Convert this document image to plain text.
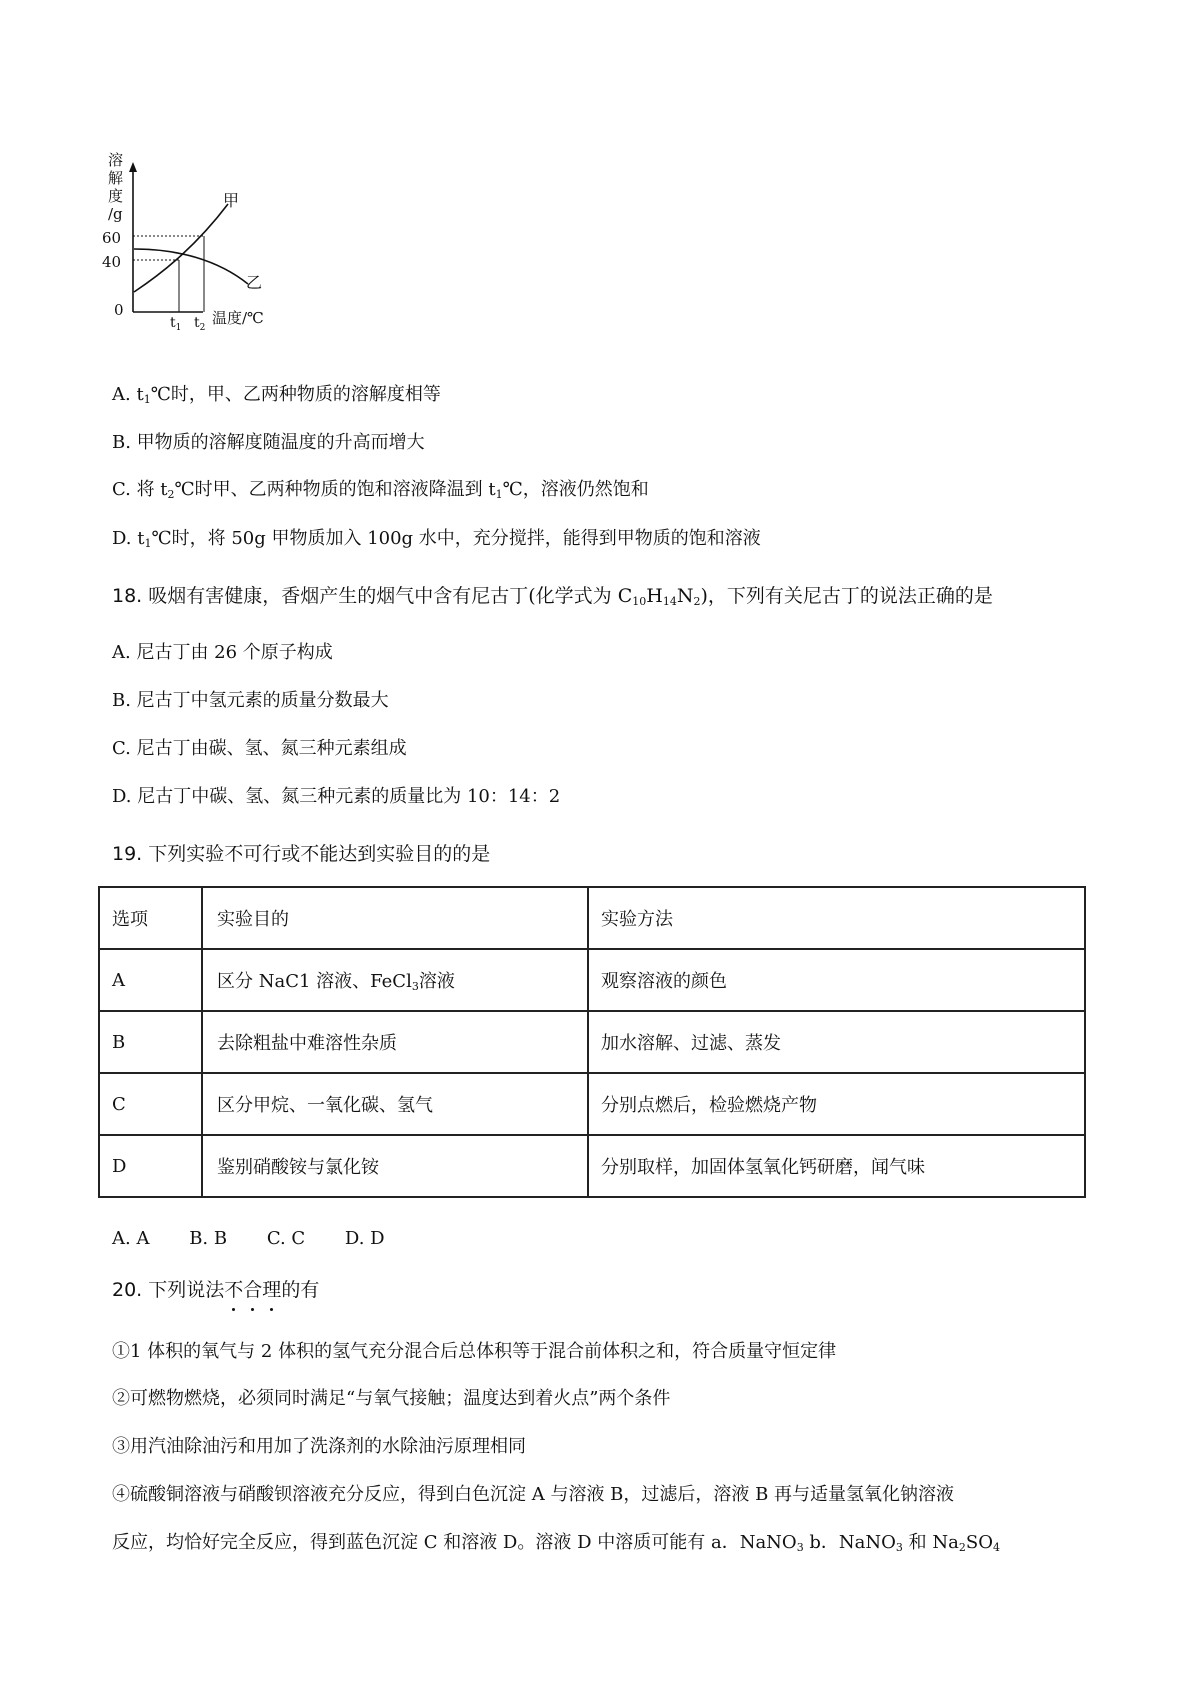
溶
解
度
/g
60
40
0
甲
乙
$t_1$ $t_2$
温度/℃
A. $t_1℃$时，甲、乙两种物质的溶解度相等
B. 甲物质的溶解度随温度的升高而增大
C. 将 $t_2℃$时甲、乙两种物质的饱和溶液降温到 $t_1℃$，溶液仍然饱和
D. $t_1℃$时，将 50g 甲物质加入 100g 水中，充分搅拌，能得到甲物质的饱和溶液
18. 吸烟有害健康，香烟产生的烟气中含有尼古丁(化学式为 $C_{10}H_{14}N_2$)，下列有关尼古丁的说法正确的是
A. 尼古丁由 26 个原子构成
B. 尼古丁中氢元素的质量分数最大
C. 尼古丁由碳、氢、氮三种元素组成
D. 尼古丁中碳、氢、氮三种元素的质量比为 10：14：2
19. 下列实验不可行或不能达到实验目的的是
选项	实验目的	实验方法
A	区分 NaC1 溶液、FeCl$_3$溶液	观察溶液的颜色
B	去除粗盐中难溶性杂质	加水溶解、过滤、蒸发
C	区分甲烷、一氧化碳、氢气	分别点燃后，检验燃烧产物
D	鉴别硝酸铵与氯化铵	分别取样，加固体氢氧化钙研磨，闻气味
A. A B. B C. C D. D
20. 下列说法不合理的有
①1 体积的氧气与 2 体积的氢气充分混合后总体积等于混合前体积之和，符合质量守恒定律
②可燃物燃烧，必须同时满足“与氧气接触；温度达到着火点”两个条件
③用汽油除油污和用加了洗涤剂的水除油污原理相同
④硫酸铜溶液与硝酸钡溶液充分反应，得到白色沉淀 A 与溶液 B，过滤后，溶液 B 再与适量氢氧化钠溶液
反应，均恰好完全反应，得到蓝色沉淀 C 和溶液 D。溶液 D 中溶质可能有 a．NaNO$_3$ b．NaNO$_3$ 和 $Na_2SO_4$
